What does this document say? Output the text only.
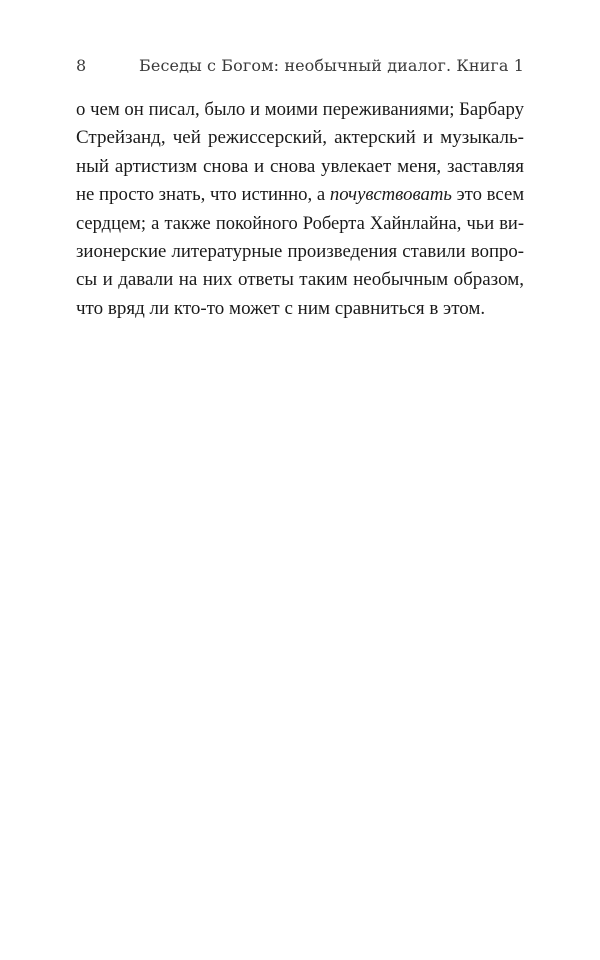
8	Беседы с Богом: необычный диалог. Книга 1
о чем он писал, было и моими переживаниями; Барбару
Стрейзанд, чей режиссерский, актерский и музыкаль-
ный артистизм снова и снова увлекает меня, заставляя
не просто знать, что истинно, а почувствовать это всем
сердцем; а также покойного Роберта Хайнлайна, чьи ви-
зионерские литературные произведения ставили вопро-
сы и давали на них ответы таким необычным образом,
что вряд ли кто-то может с ним сравниться в этом.
